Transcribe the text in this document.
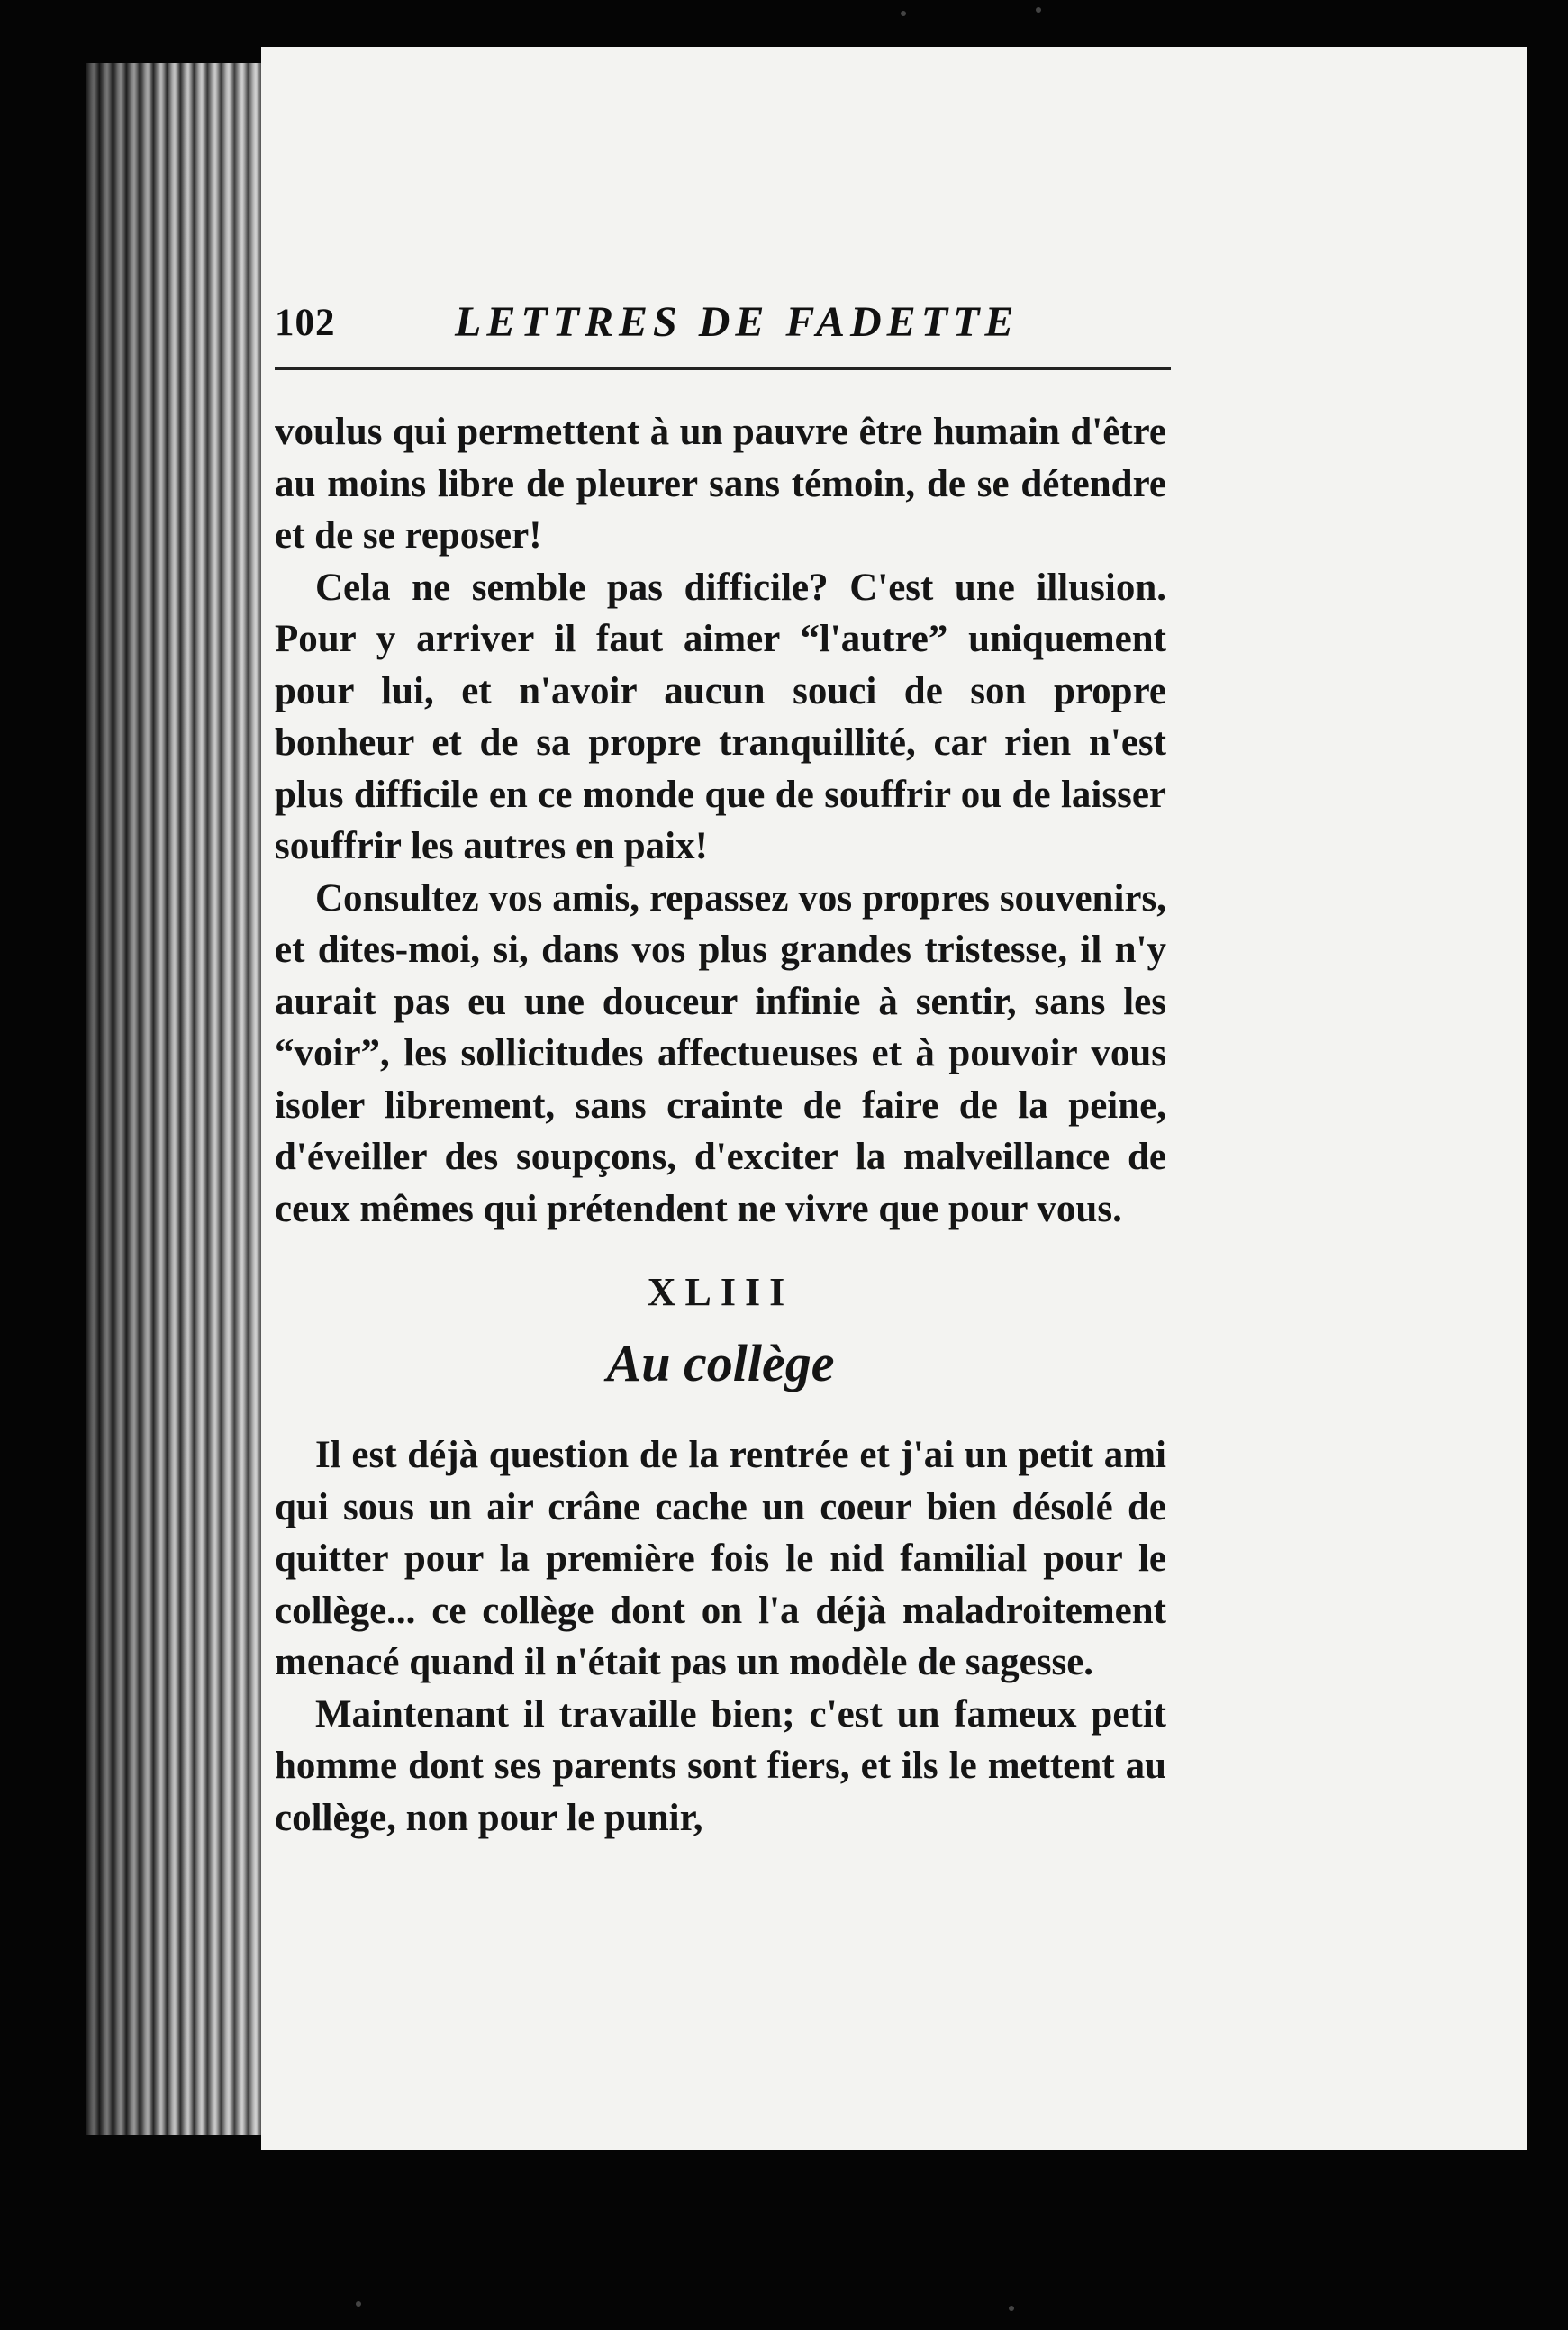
102	LETTRES DE FADETTE

voulus qui permettent à un pauvre être humain d'être au moins libre de pleurer sans témoin, de se détendre et de se reposer!

Cela ne semble pas difficile? C'est une illusion. Pour y arriver il faut aimer “l'autre” uniquement pour lui, et n'avoir aucun souci de son propre bonheur et de sa propre tranquillité, car rien n'est plus difficile en ce monde que de souffrir ou de laisser souffrir les autres en paix!

Consultez vos amis, repassez vos propres souvenirs, et dites-moi, si, dans vos plus grandes tristesse, il n'y aurait pas eu une douceur infinie à sentir, sans les “voir”, les sollicitudes affectueuses et à pouvoir vous isoler librement, sans crainte de faire de la peine, d'éveiller des soupçons, d'exciter la malveillance de ceux mêmes qui prétendent ne vivre que pour vous.

XLIII
Au collège

Il est déjà question de la rentrée et j'ai un petit ami qui sous un air crâne cache un coeur bien désolé de quitter pour la première fois le nid familial pour le collège... ce collège dont on l'a déjà maladroitement menacé quand il n'était pas un modèle de sagesse.

Maintenant il travaille bien; c'est un fameux petit homme dont ses parents sont fiers, et ils le mettent au collège, non pour le punir,
